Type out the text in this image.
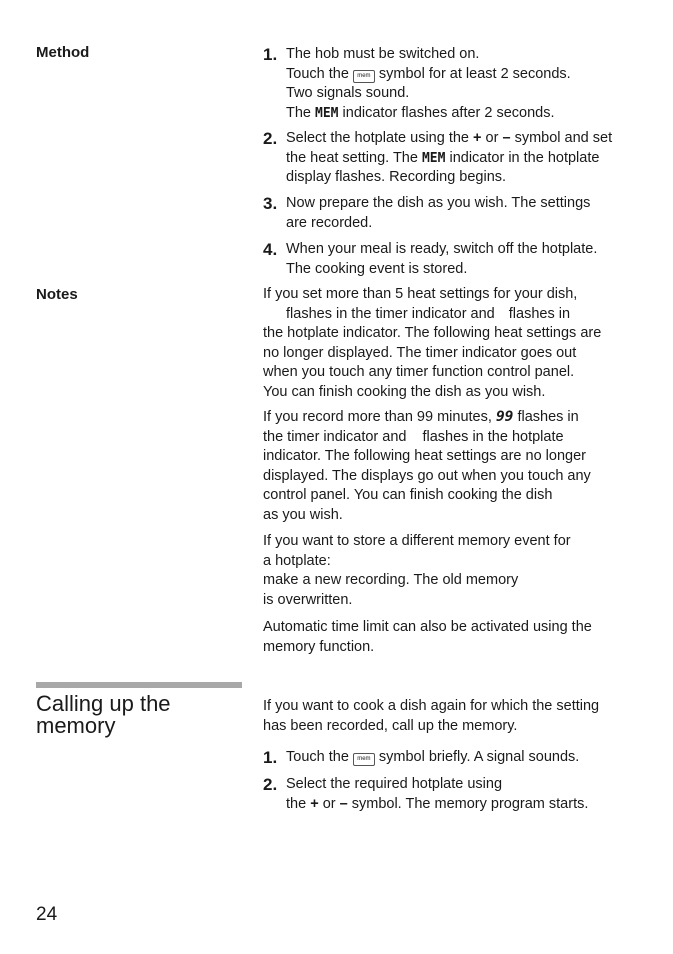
Method	1. The hob must be switched on.
Touch the mem symbol for at least 2 seconds.
Two signals sound.
The MEM indicator flashes after 2 seconds.
2. Select the hotplate using the + or – symbol and set
the heat setting. The MEM indicator in the hotplate
display flashes. Recording begins.
3. Now prepare the dish as you wish. The settings
are recorded.
4. When your meal is ready, switch off the hotplate.
The cooking event is stored.
Notes	If you set more than 5 heat settings for your dish,
flashes in the timer indicator and flashes in
the hotplate indicator. The following heat settings are
no longer displayed. The timer indicator goes out
when you touch any timer function control panel.
You can finish cooking the dish as you wish.
If you record more than 99 minutes, 99 flashes in
the timer indicator and flashes in the hotplate
indicator. The following heat settings are no longer
displayed. The displays go out when you touch any
control panel. You can finish cooking the dish
as you wish.
If you want to store a different memory event for
a hotplate:
make a new recording. The old memory
is overwritten.
Automatic time limit can also be activated using the
memory function.
Calling up the
memory
If you want to cook a dish again for which the setting
has been recorded, call up the memory.
1. Touch the mem symbol briefly. A signal sounds.
2. Select the required hotplate using
the + or – symbol. The memory program starts.
24
